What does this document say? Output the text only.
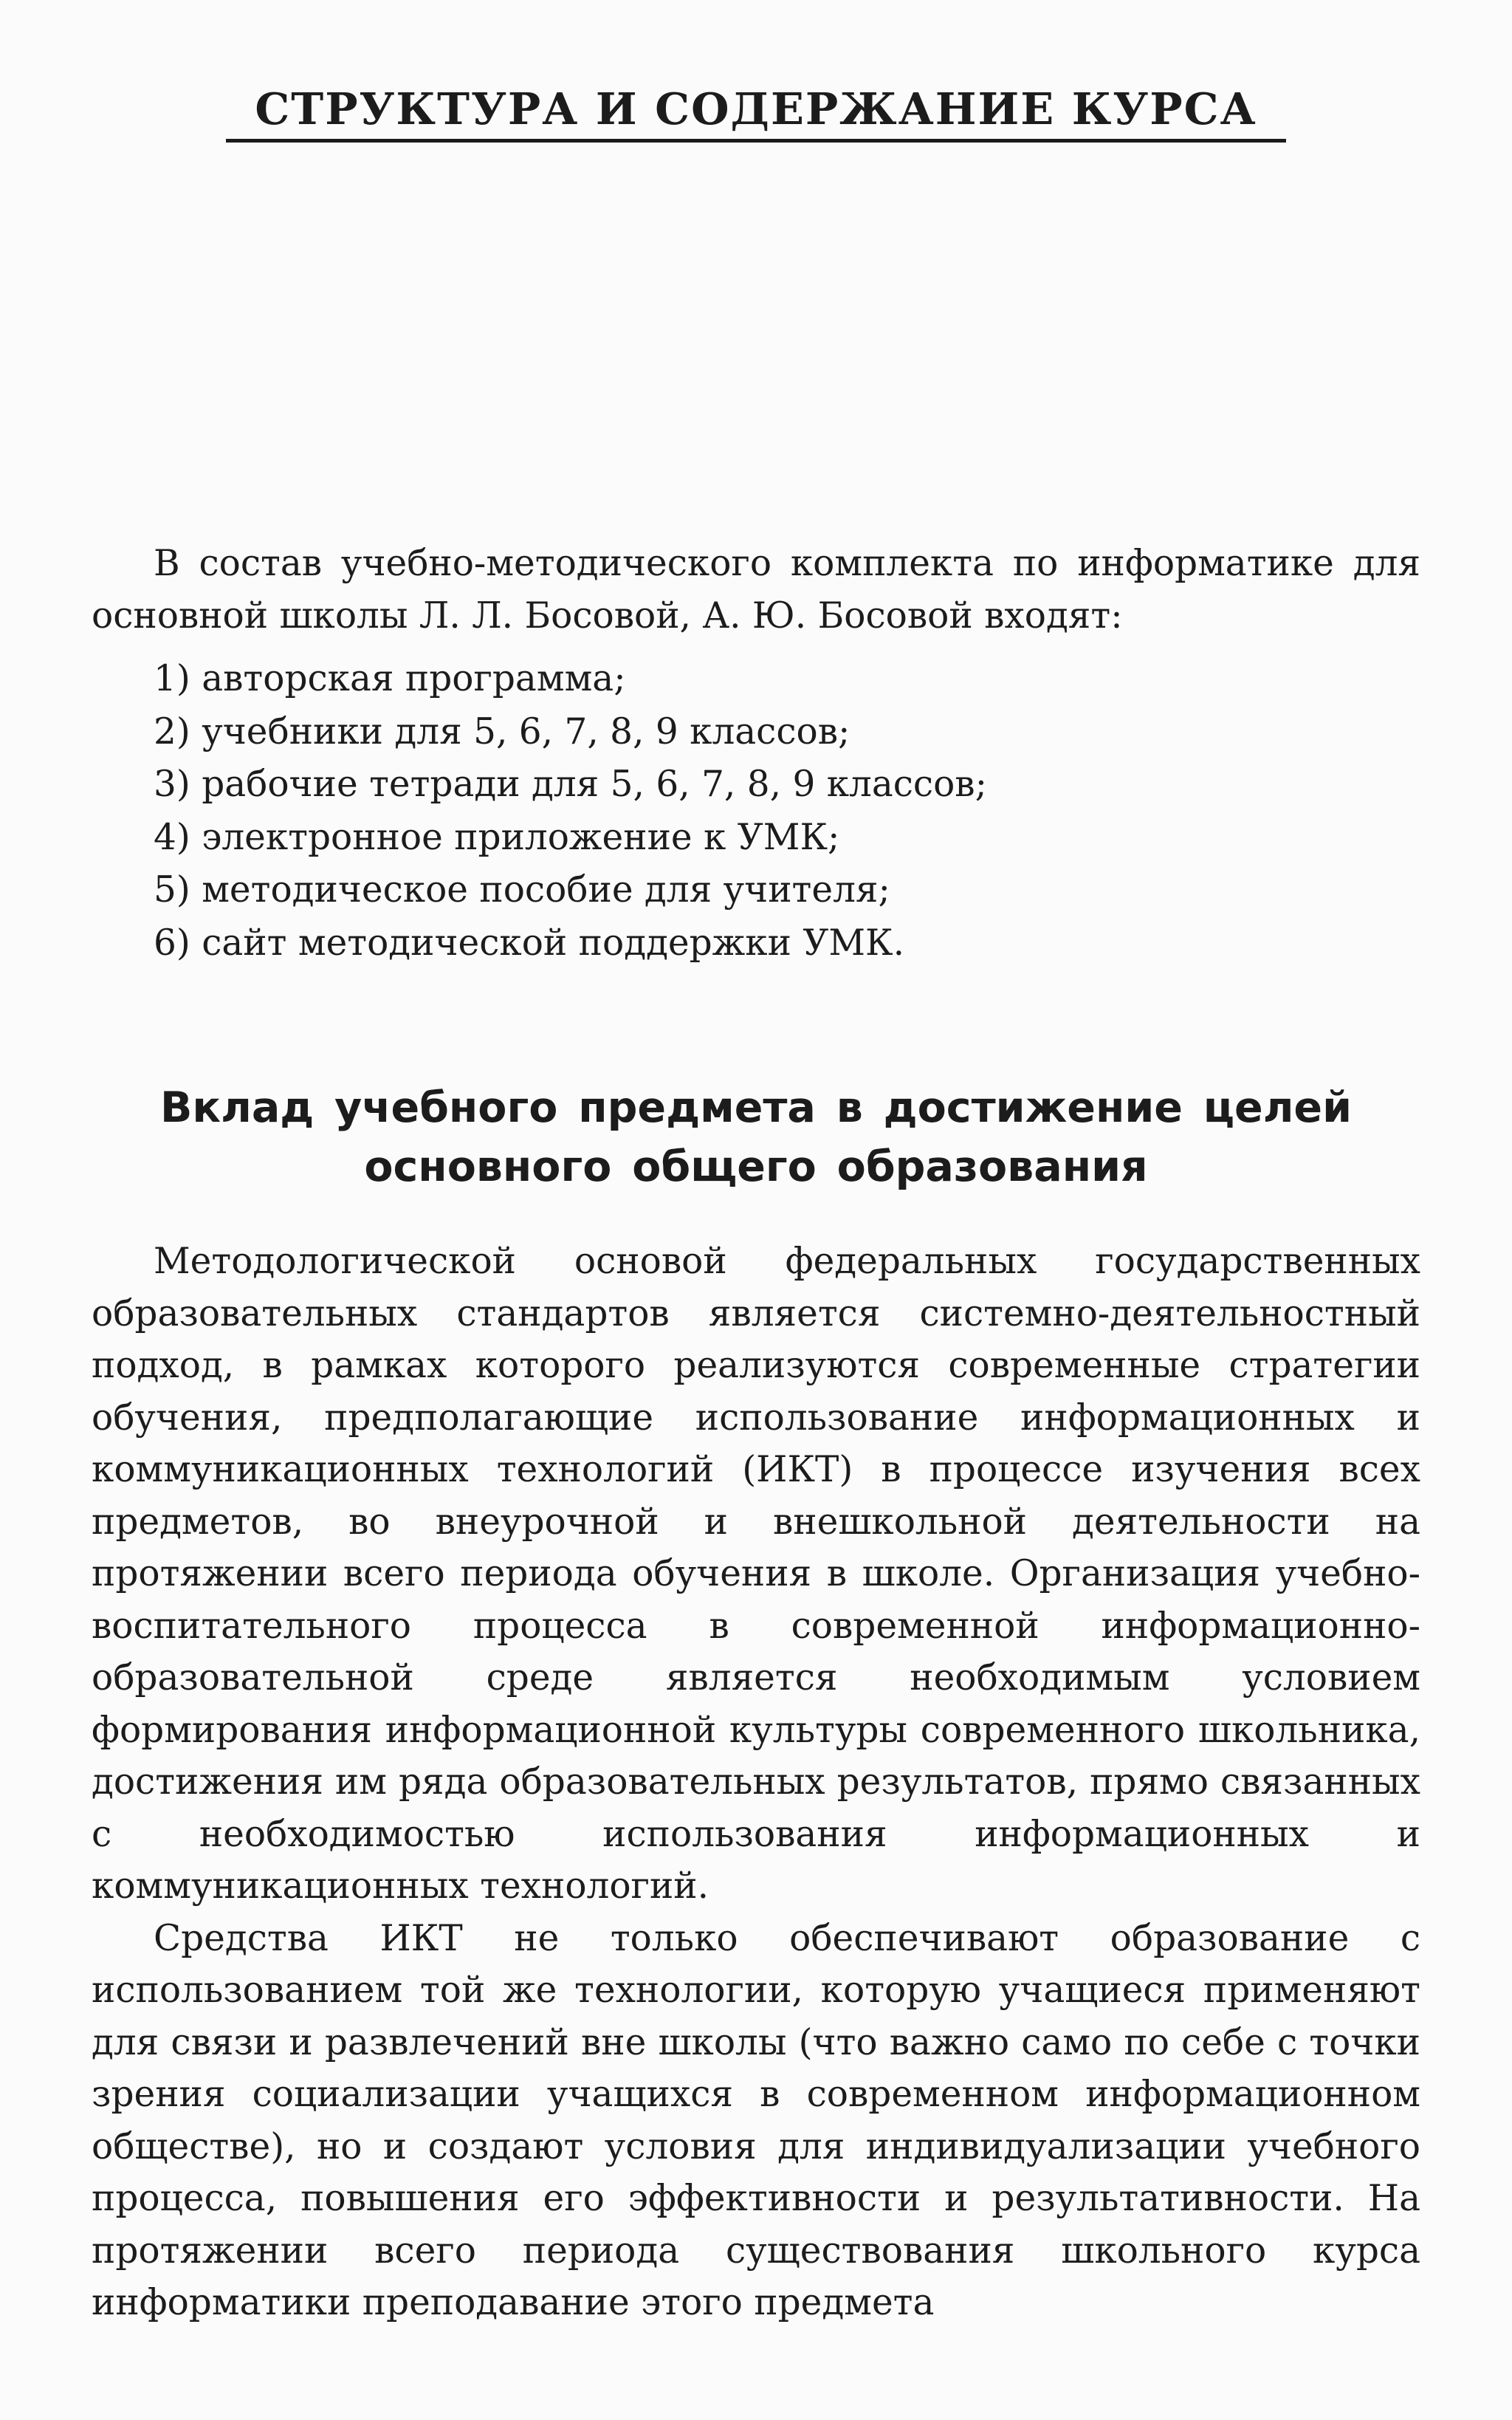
СТРУКТУРА И СОДЕРЖАНИЕ КУРСА

В состав учебно-методического комплекта по информатике для основной школы Л. Л. Босовой, А. Ю. Босовой входят:

1) авторская программа;
2) учебники для 5, 6, 7, 8, 9 классов;
3) рабочие тетради для 5, 6, 7, 8, 9 классов;
4) электронное приложение к УМК;
5) методическое пособие для учителя;
6) сайт методической поддержки УМК.
Вклад учебного предмета в достижение целей
основного общего образования

Методологической основой федеральных государственных образовательных стандартов является системно-деятельностный подход, в рамках которого реализуются современные стратегии обучения, предполагающие использование информационных и коммуникационных технологий (ИКТ) в процессе изучения всех предметов, во внеурочной и внешкольной деятельности на протяжении всего периода обучения в школе. Организация учебно-воспитательного процесса в современной информационно-образовательной среде является необходимым условием формирования информационной культуры современного школьника, достижения им ряда образовательных результатов, прямо связанных с необходимостью использования информационных и коммуникационных технологий.

Средства ИКТ не только обеспечивают образование с использованием той же технологии, которую учащиеся применяют для связи и развлечений вне школы (что важно само по себе с точки зрения социализации учащихся в современном информационном обществе), но и создают условия для индивидуализации учебного процесса, повышения его эффективности и результативности. На протяжении всего периода существования школьного курса информатики преподавание этого предмета
